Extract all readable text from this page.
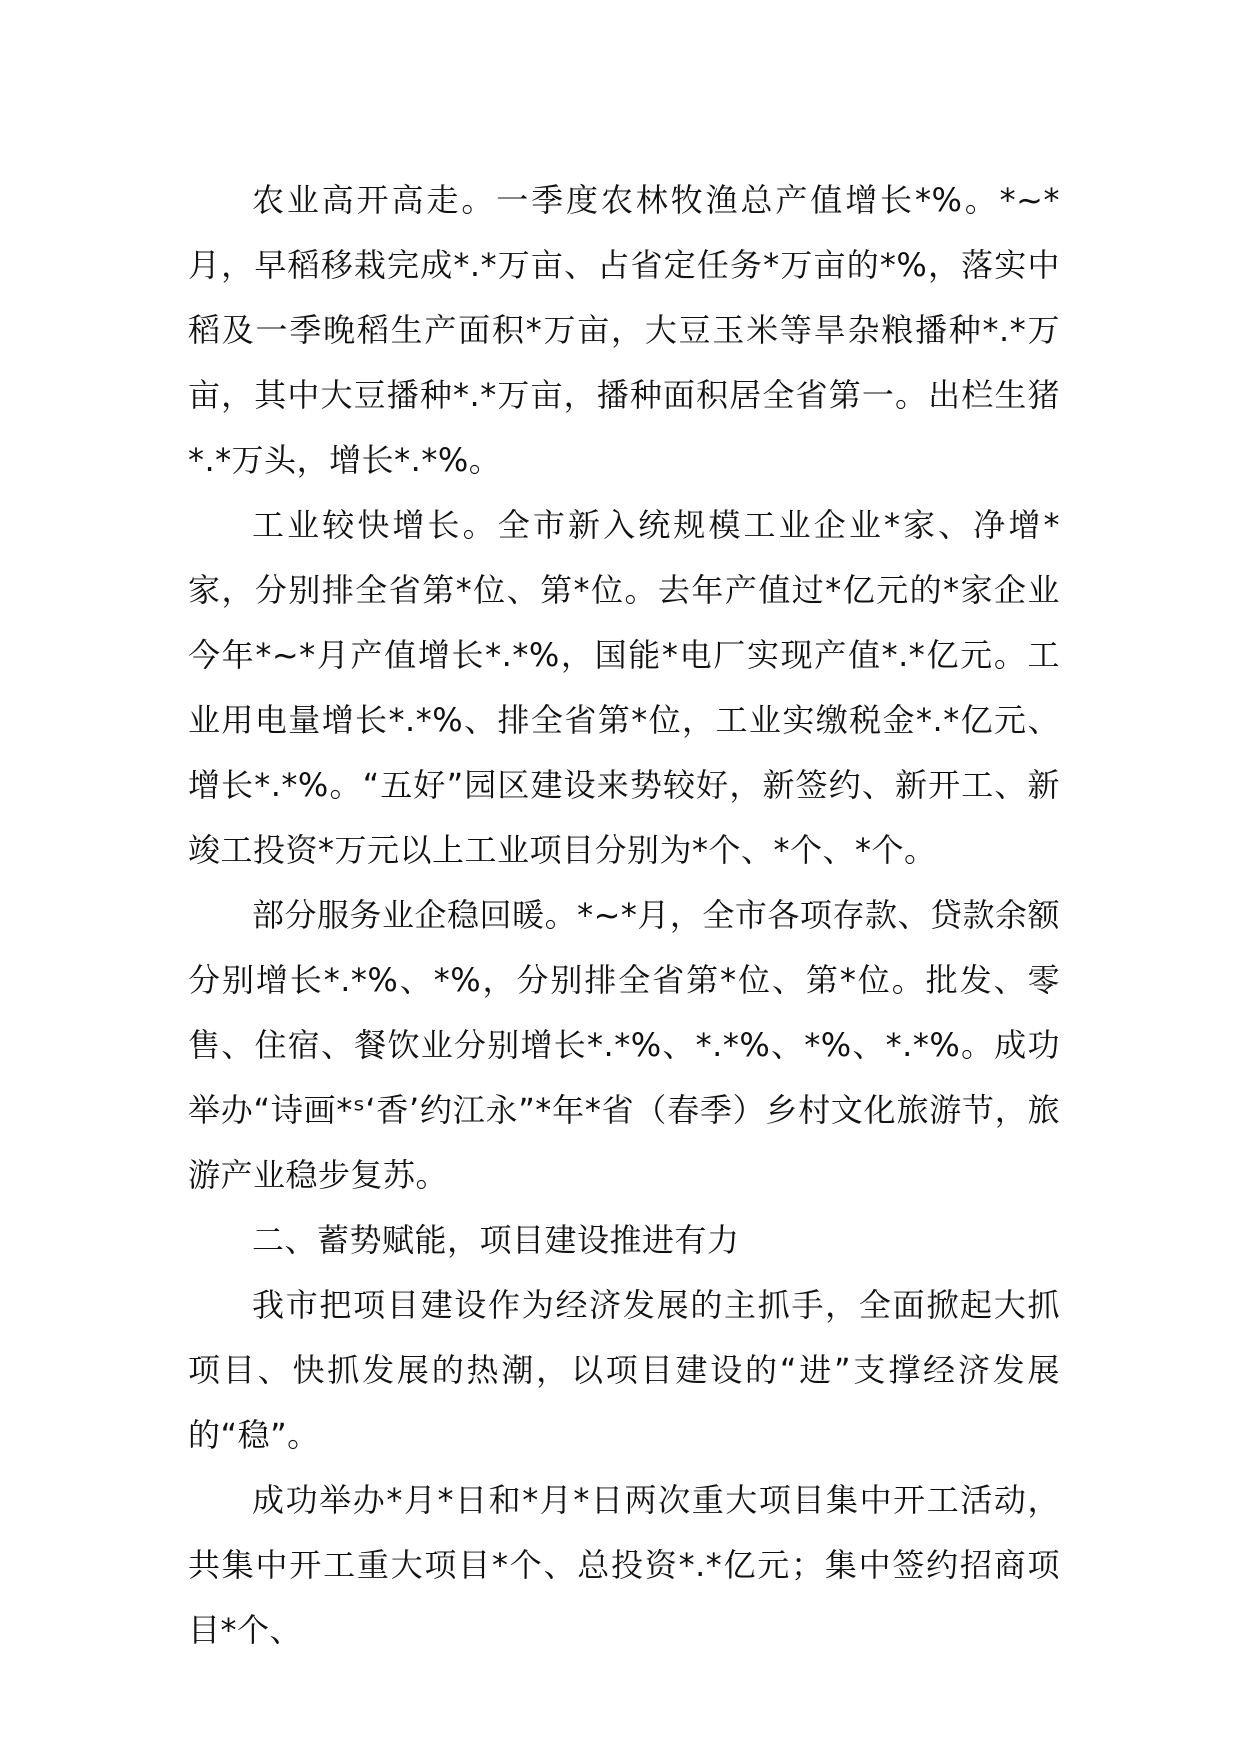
农业高开高走。一季度农林牧渔总产值增长*%。*~*月，早稻移栽完成*.*万亩、占省定任务*万亩的*%，落实中稻及一季晚稻生产面积*万亩，大豆玉米等旱杂粮播种*.*万亩，其中大豆播种*.*万亩，播种面积居全省第一。出栏生猪*.*万头，增长*.*%。

工业较快增长。全市新入统规模工业企业*家、净增*家，分别排全省第*位、第*位。去年产值过*亿元的*家企业今年*~*月产值增长*.*%，国能*电厂实现产值*.*亿元。工业用电量增长*.*%、排全省第*位，工业实缴税金*.*亿元、增长*.*%。“五好”园区建设来势较好，新签约、新开工、新竣工投资*万元以上工业项目分别为*个、*个、*个。

部分服务业企稳回暖。*~*月，全市各项存款、贷款余额分别增长*.*%、*%，分别排全省第*位、第*位。批发、零售、住宿、餐饮业分别增长*.*%、*.*%、*%、*.*%。成功举办“诗画*ˢ‘香’约江永”*年*省（春季）乡村文化旅游节，旅游产业稳步复苏。

二、蓄势赋能，项目建设推进有力

我市把项目建设作为经济发展的主抓手，全面掀起大抓项目、快抓发展的热潮，以项目建设的“进”支撑经济发展的“稳”。

成功举办*月*日和*月*日两次重大项目集中开工活动，共集中开工重大项目*个、总投资*.*亿元；集中签约招商项目*个、
